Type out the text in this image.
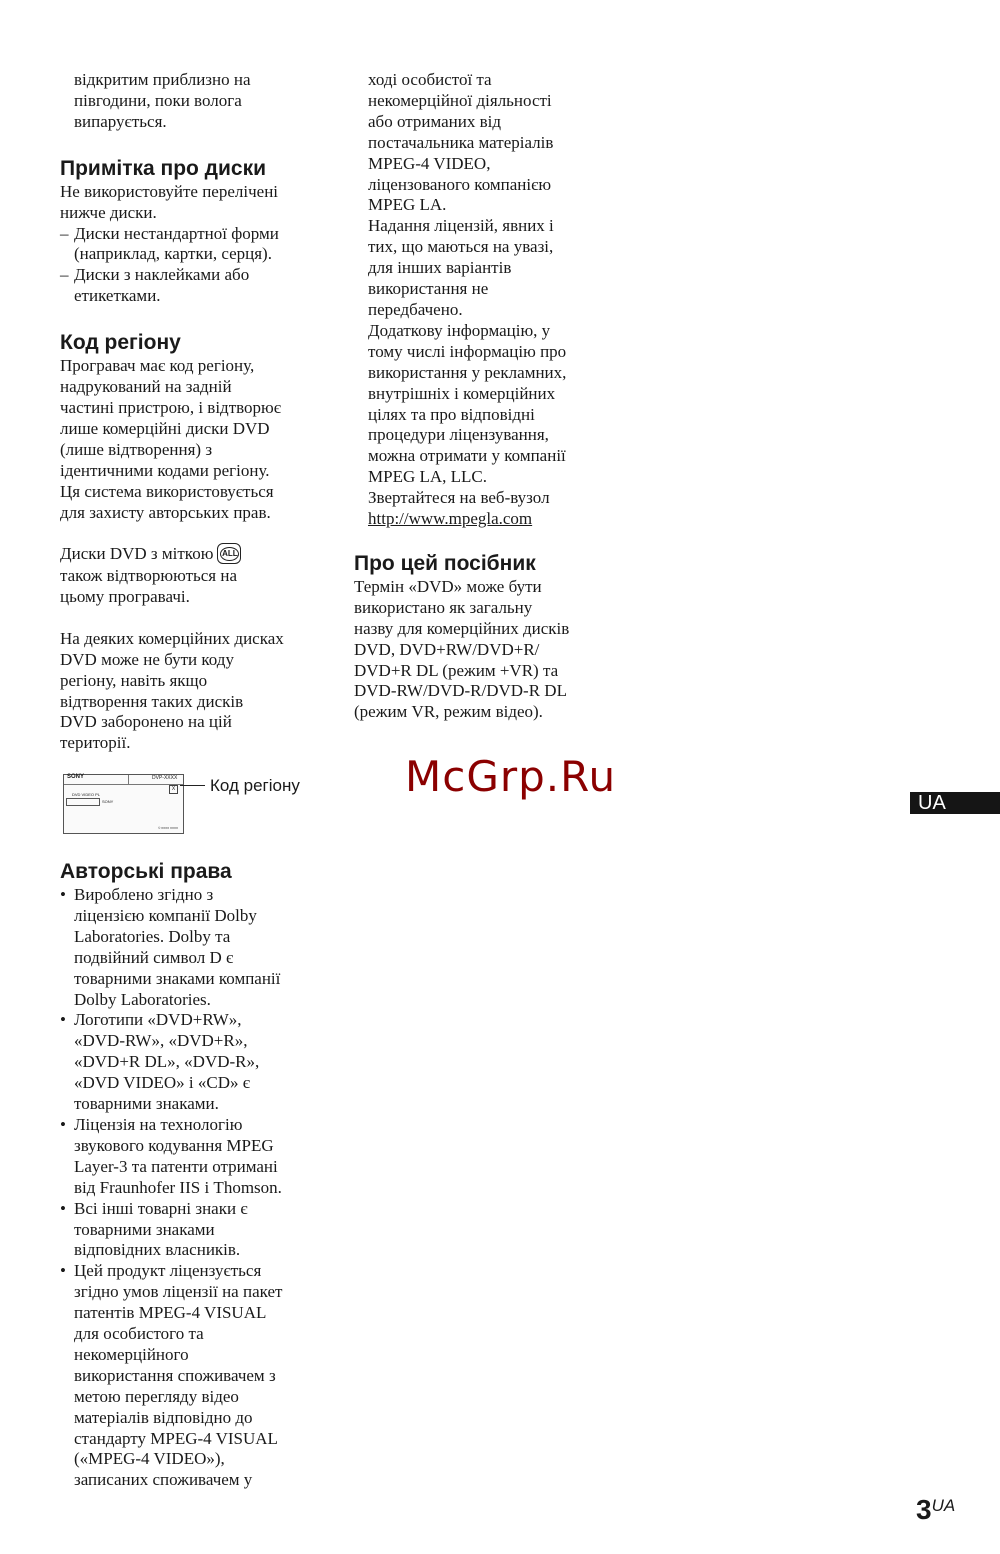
відкритим приблизно на

півгодини, поки волога

випарується.

Примітка про диски

Не використовуйте перелічені

нижче диски.

– Диски нестандартної форми

(наприклад, картки, серця).

– Диски з наклейками або

етикетками.

Код регіону

Програвач має код регіону,

надрукований на задній

частині пристрою, і відтворює

лише комерційні диски DVD

(лише відтворення) з

ідентичними кодами регіону.

Ця система використовується

для захисту авторських прав.

Диски DVD з міткою ALL

також відтворюються на

цьому програвачі.

На деяких комерційних дисках

DVD може не бути коду

регіону, навіть якщо

відтворення таких дисків

DVD заборонено на цій

території.

SONY	DVP-XXXX
X
DVD VIDEO PL
SONY
© XXXX XXXX
Код регіону
Авторські права
• Вироблено згідно з

ліцензією компанії Dolby

Laboratories. Dolby та

подвійний символ D є

товарними знаками компанії

Dolby Laboratories.

• Логотипи «DVD+RW»,

«DVD-RW», «DVD+R»,

«DVD+R DL», «DVD-R»,

«DVD VIDEO» і «CD» є

товарними знаками.

• Ліцензія на технологію

звукового кодування MPEG

Layer-3 та патенти отримані

від Fraunhofer IIS і Thomson.

• Всі інші товарні знаки є

товарними знаками

відповідних власників.

• Цей продукт ліцензується

згідно умов ліцензії на пакет

патентів MPEG-4 VISUAL

для особистого та

некомерційного

використання споживачем з

метою перегляду відео

матеріалів відповідно до

стандарту MPEG-4 VISUAL

(«MPEG-4 VIDEO»),

записаних споживачем у

ході особистої та

некомерційної діяльності

або отриманих від

постачальника матеріалів

MPEG-4 VIDEO,

ліцензованого компанією

MPEG LA.

Надання ліцензій, явних і

тих, що маються на увазі,

для інших варіантів

використання не

передбачено.

Додаткову інформацію, у

тому числі інформацію про

використання у рекламних,

внутрішніх і комерційних

цілях та про відповідні

процедури ліцензування,

можна отримати у компанії

MPEG LA, LLC.

Звертайтеся на веб-вузол

http://www.mpegla.com

Про цей посібник

Термін «DVD» може бути

використано як загальну

назву для комерційних дисків

DVD, DVD+RW/DVD+R/

DVD+R DL (режим +VR) та

DVD-RW/DVD-R/DVD-R DL

(режим VR, режим відео).

McGrp.Ru
UA
3UA
